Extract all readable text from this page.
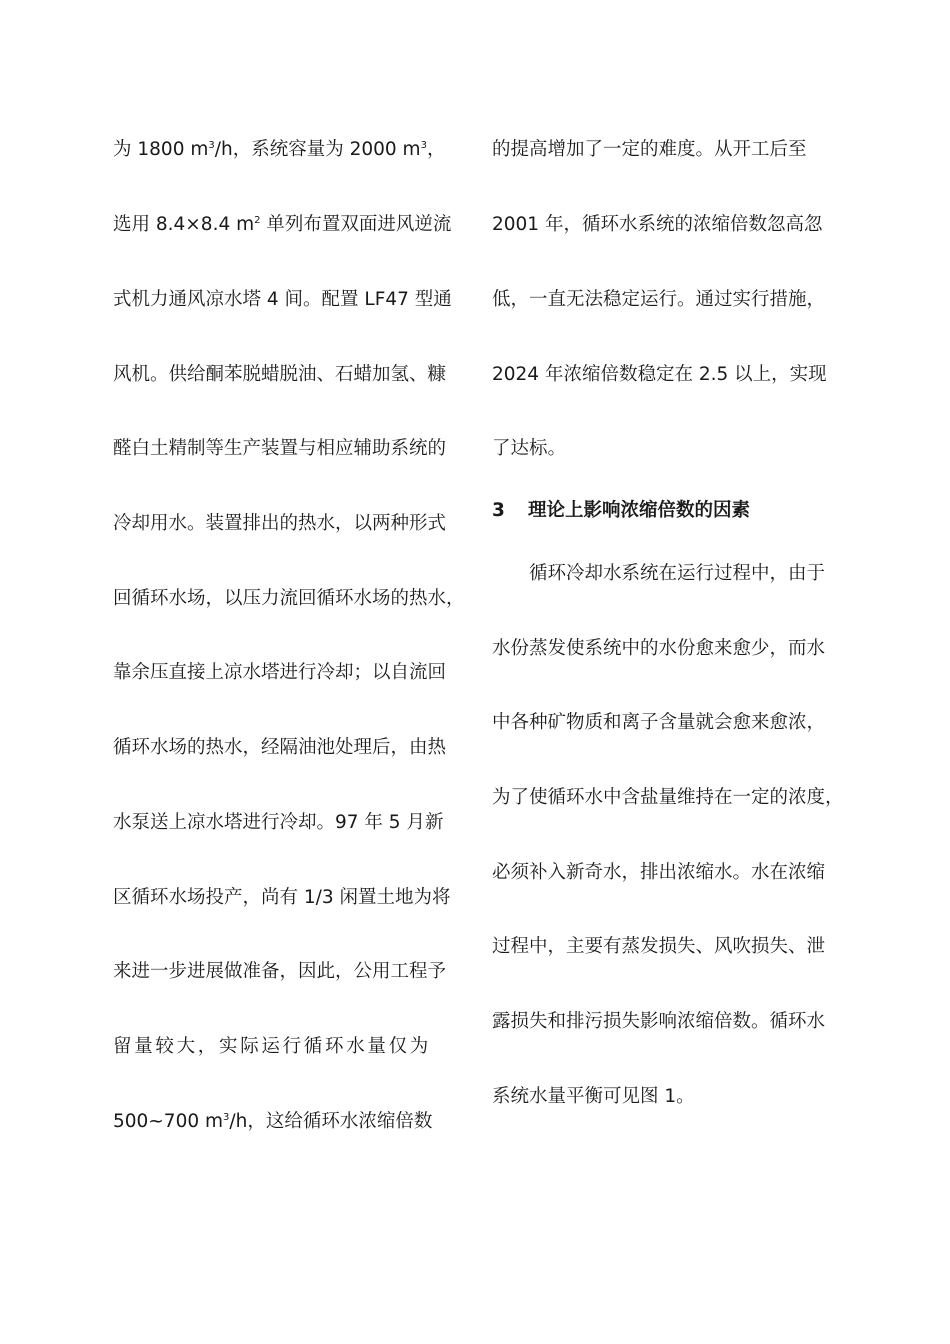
为 1800 $m^3/h$，系统容量为 2000 $m^3$，
选用 8.4×8.4 $m^2$ 单列布置双面进风逆流
式机力通风凉水塔 4 间。配置 LF47 型通
风机。供给酮苯脱蜡脱油、石蜡加氢、糠
醛白土精制等生产装置与相应辅助系统的
冷却用水。装置排出的热水，以两种形式
回循环水场，以压力流回循环水场的热水，
靠余压直接上凉水塔进行冷却；以自流回
循环水场的热水，经隔油池处理后，由热
水泵送上凉水塔进行冷却。97 年 5 月新
区循环水场投产，尚有 1/3 闲置土地为将
来进一步进展做准备，因此，公用工程予
留量较大，实际运行循环水量仅为
500~700 $m^3/h$，这给循环水浓缩倍数
的提高增加了一定的难度。从开工后至
2001 年，循环水系统的浓缩倍数忽高忽
低，一直无法稳定运行。通过实行措施，
2024 年浓缩倍数稳定在 2.5 以上，实现
了达标。
3 理论上影响浓缩倍数的因素
循环冷却水系统在运行过程中，由于
水份蒸发使系统中的水份愈来愈少，而水
中各种矿物质和离子含量就会愈来愈浓，
为了使循环水中含盐量维持在一定的浓度，
必须补入新奇水，排出浓缩水。水在浓缩
过程中，主要有蒸发损失、风吹损失、泄
露损失和排污损失影响浓缩倍数。循环水
系统水量平衡可见图 1。
